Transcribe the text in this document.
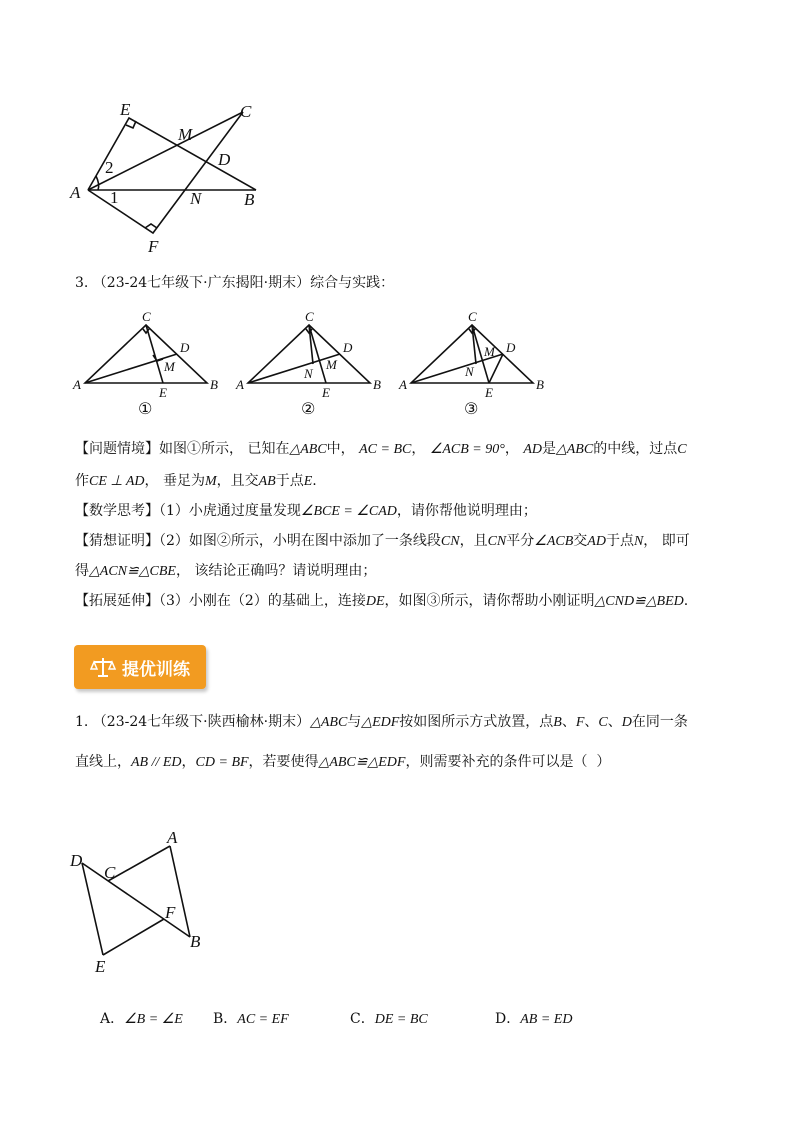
E
M
C
2	D
A 1	N	B
F
3. （23-24七年级下·广东揭阳·期末）综合与实践：
C
D
M
A
E
B
C
D
M
N
A
E
B
C
D
M
N
A
E
B
①	②	③
【问题情境】如图①所示， 已知在△ABC中， AC = BC， ∠ACB = 90°， AD是△ABC的中线，过点C
作CE ⊥ AD， 垂足为M，且交AB于点E.
【数学思考】（1）小虎通过度量发现∠BCE = ∠CAD，请你帮他说明理由；
【猜想证明】（2）如图②所示，小明在图中添加了一条线段CN，且CN平分∠ACB交AD于点N， 即可
得△ACN≌△CBE， 该结论正确吗？请说明理由；
【拓展延伸】（3）小刚在（2）的基础上，连接DE，如图③所示，请你帮助小刚证明△CND≌△BED.
提优训练
1. （23-24七年级下·陕西榆林·期末）△ABC与△EDF按如图所示方式放置，点B、F、C、D在同一条
直线上，AB // ED，CD = BF，若要使得△ABC≌△EDF，则需要补充的条件可以是（  ）
D
C
A
F
B
E
A．∠B = ∠E B．AC = EF	C．DE = BC	D．AB = ED
